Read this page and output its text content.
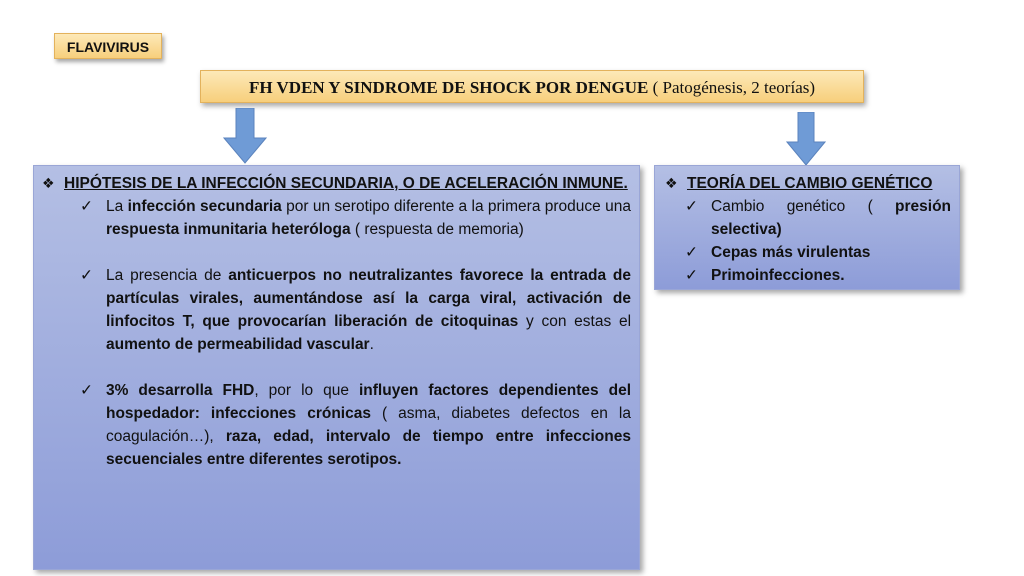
FLAVIVIRUS
FH VDEN Y SINDROME DE SHOCK POR DENGUE ( Patogénesis, 2 teorías)
❖ HIPÓTESIS DE LA INFECCIÓN SECUNDARIA, O DE ACELERACIÓN INMUNE.
✓ La infección secundaria por un serotipo diferente a la primera produce una respuesta inmunitaria heteróloga ( respuesta de memoria)
✓ La presencia de anticuerpos no neutralizantes favorece la entrada de partículas virales, aumentándose así la carga viral, activación de linfocitos T, que provocarían liberación de citoquinas y con estas el aumento de permeabilidad vascular.
✓ 3% desarrolla FHD, por lo que influyen factores dependientes del hospedador: infecciones crónicas ( asma, diabetes defectos en la coagulación…), raza, edad, intervalo de tiempo entre infecciones secuenciales entre diferentes serotipos.
❖ TEORÍA DEL CAMBIO GENÉTICO
✓ Cambio genético ( presión selectiva)
✓ Cepas más virulentas
✓ Primoinfecciones.
